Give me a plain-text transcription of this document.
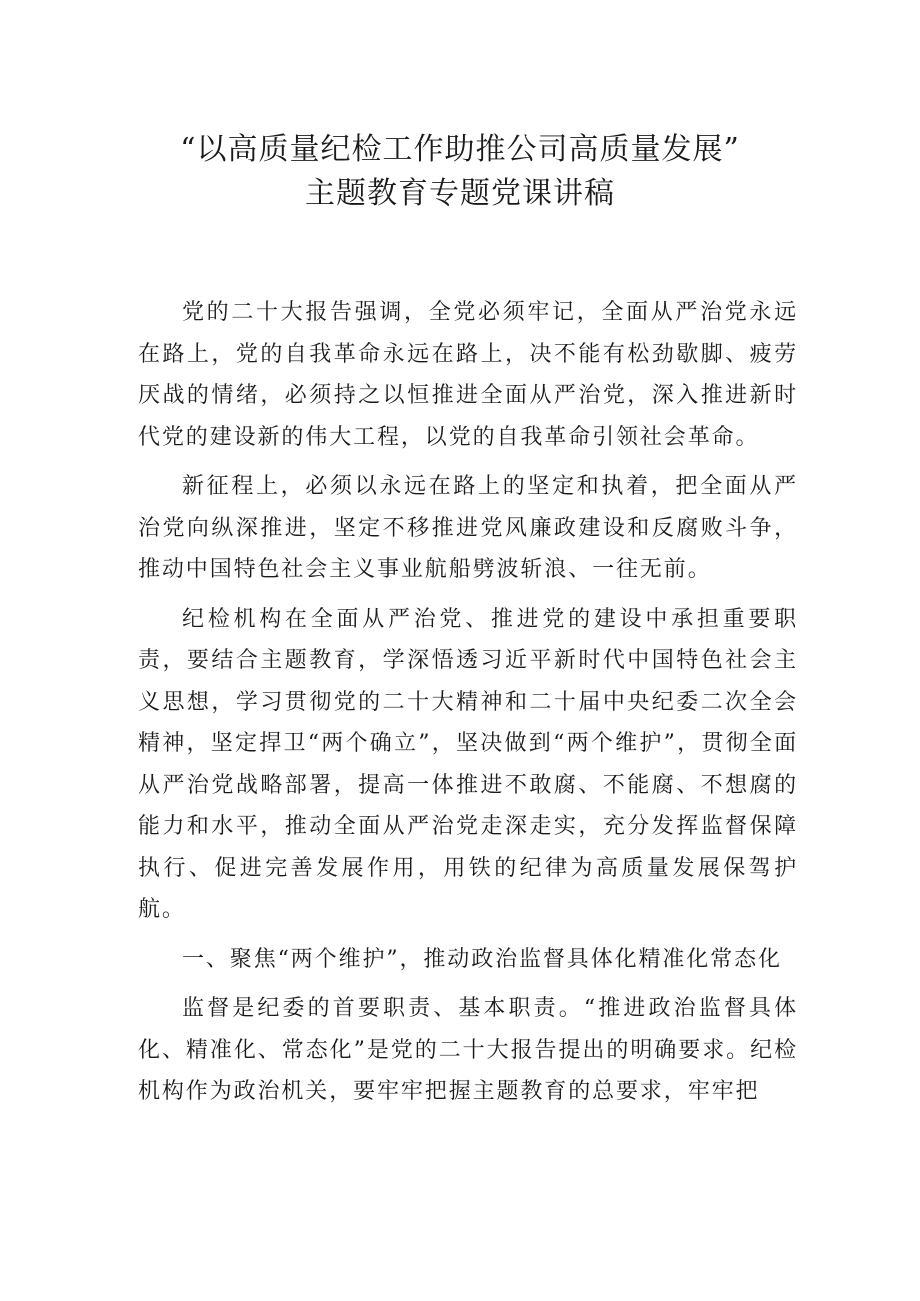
“以高质量纪检工作助推公司高质量发展”
主题教育专题党课讲稿

党的二十大报告强调，全党必须牢记，全面从严治党永远在路上，党的自我革命永远在路上，决不能有松劲歇脚、疲劳厌战的情绪，必须持之以恒推进全面从严治党，深入推进新时代党的建设新的伟大工程，以党的自我革命引领社会革命。

新征程上，必须以永远在路上的坚定和执着，把全面从严治党向纵深推进，坚定不移推进党风廉政建设和反腐败斗争，推动中国特色社会主义事业航船劈波斩浪、一往无前。

纪检机构在全面从严治党、推进党的建设中承担重要职责，要结合主题教育，学深悟透习近平新时代中国特色社会主义思想，学习贯彻党的二十大精神和二十届中央纪委二次全会精神，坚定捍卫“两个确立”，坚决做到“两个维护”，贯彻全面从严治党战略部署，提高一体推进不敢腐、不能腐、不想腐的能力和水平，推动全面从严治党走深走实，充分发挥监督保障执行、促进完善发展作用，用铁的纪律为高质量发展保驾护航。

一、聚焦“两个维护”，推动政治监督具体化精准化常态化

监督是纪委的首要职责、基本职责。“推进政治监督具体化、精准化、常态化”是党的二十大报告提出的明确要求。纪检机构作为政治机关，要牢牢把握主题教育的总要求，牢牢把
